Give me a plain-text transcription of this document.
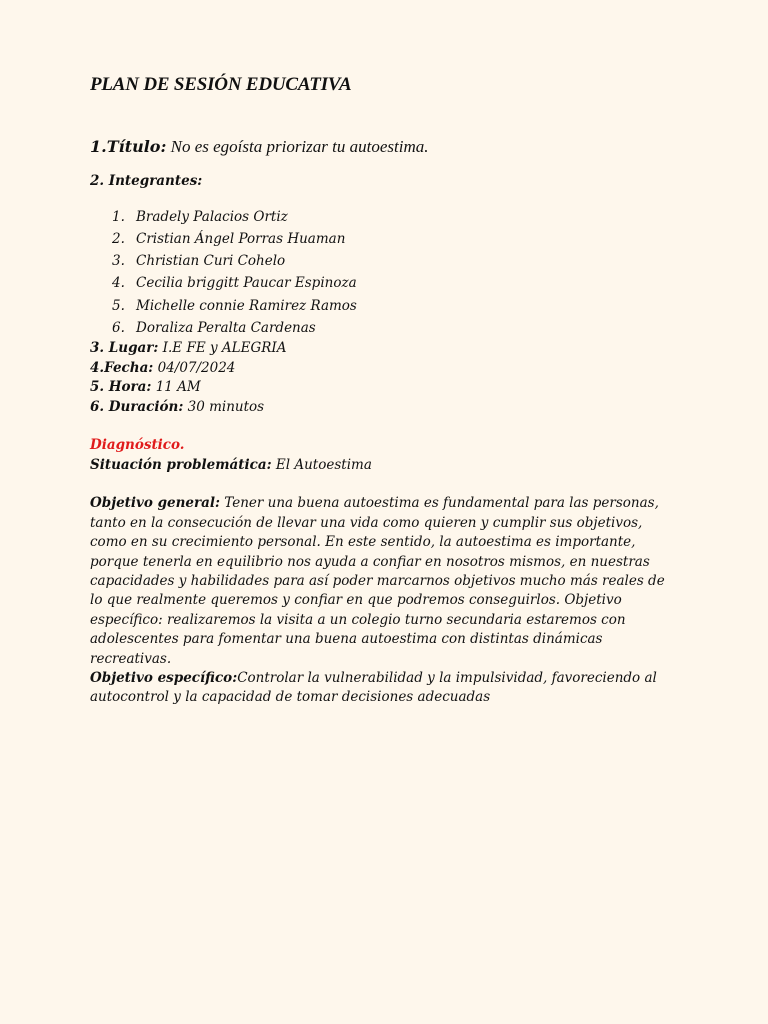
PLAN DE SESIÓN EDUCATIVA
1.Título: No es egoísta priorizar tu autoestima.
2. Integrantes:
1. Bradely Palacios Ortiz
2. Cristian Ángel Porras Huaman
3. Christian Curi Cohelo
4. Cecilia briggitt Paucar Espinoza
5. Michelle connie Ramirez Ramos
6. Doraliza Peralta Cardenas
3. Lugar: I.E FE y ALEGRIA
4.Fecha: 04/07/2024
5. Hora: 11 AM
6. Duración: 30 minutos
Diagnóstico.
Situación problemática: El Autoestima
Objetivo general: Tener una buena autoestima es fundamental para las personas, tanto en la consecución de llevar una vida como quieren y cumplir sus objetivos, como en su crecimiento personal. En este sentido, la autoestima es importante, porque tenerla en equilibrio nos ayuda a confiar en nosotros mismos, en nuestras capacidades y habilidades para así poder marcarnos objetivos mucho más reales de lo que realmente queremos y confiar en que podremos conseguirlos. Objetivo específico: realizaremos la visita a un colegio turno secundaria estaremos con adolescentes para fomentar una buena autoestima con distintas dinámicas recreativas.
Objetivo específico:Controlar la vulnerabilidad y la impulsividad, favoreciendo al autocontrol y la capacidad de tomar decisiones adecuadas
